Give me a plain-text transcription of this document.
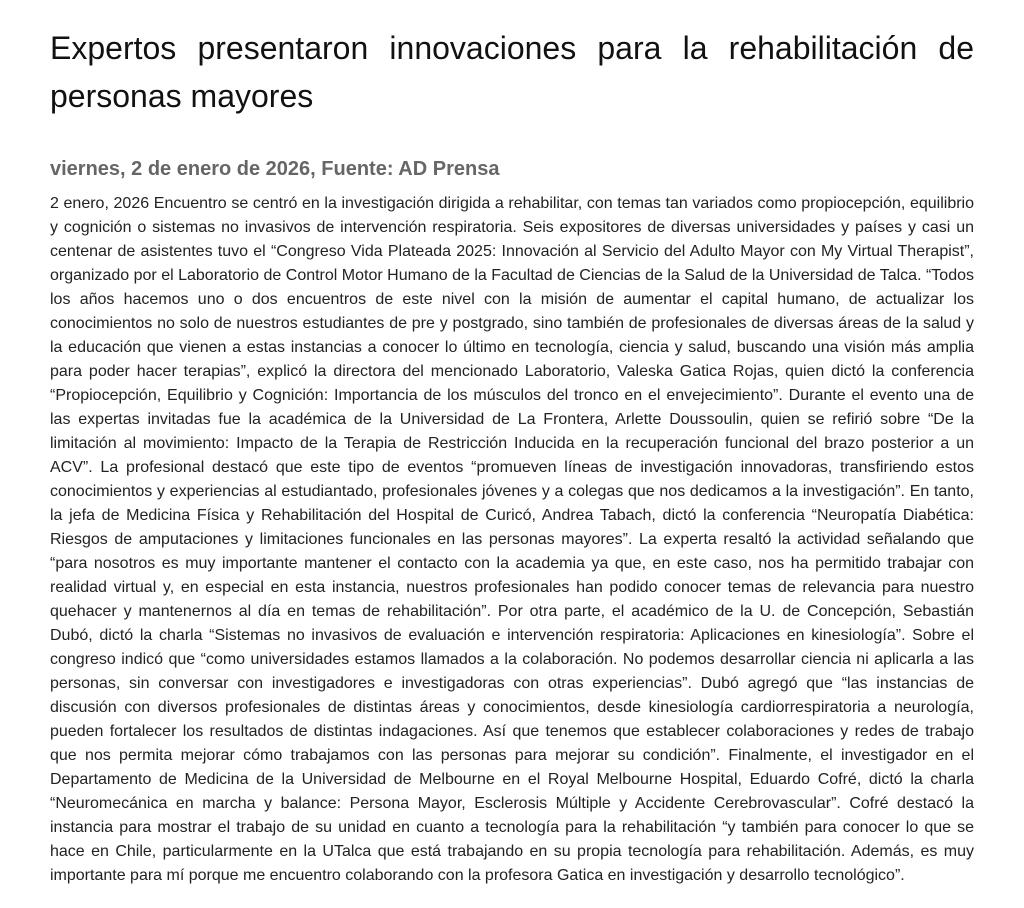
Expertos presentaron innovaciones para la rehabilitación de personas mayores
viernes, 2 de enero de 2026, Fuente: AD Prensa

2 enero, 2026 Encuentro se centró en la investigación dirigida a rehabilitar, con temas tan variados como propiocepción, equilibrio y cognición o sistemas no invasivos de intervención respiratoria. Seis expositores de diversas universidades y países y casi un centenar de asistentes tuvo el “Congreso Vida Plateada 2025: Innovación al Servicio del Adulto Mayor con My Virtual Therapist”, organizado por el Laboratorio de Control Motor Humano de la Facultad de Ciencias de la Salud de la Universidad de Talca. “Todos los años hacemos uno o dos encuentros de este nivel con la misión de aumentar el capital humano, de actualizar los conocimientos no solo de nuestros estudiantes de pre y postgrado, sino también de profesionales de diversas áreas de la salud y la educación que vienen a estas instancias a conocer lo último en tecnología, ciencia y salud, buscando una visión más amplia para poder hacer terapias”, explicó la directora del mencionado Laboratorio, Valeska Gatica Rojas, quien dictó la conferencia “Propiocepción, Equilibrio y Cognición: Importancia de los músculos del tronco en el envejecimiento”. Durante el evento una de las expertas invitadas fue la académica de la Universidad de La Frontera, Arlette Doussoulin, quien se refirió sobre “De la limitación al movimiento: Impacto de la Terapia de Restricción Inducida en la recuperación funcional del brazo posterior a un ACV”. La profesional destacó que este tipo de eventos “promueven líneas de investigación innovadoras, transfiriendo estos conocimientos y experiencias al estudiantado, profesionales jóvenes y a colegas que nos dedicamos a la investigación”. En tanto, la jefa de Medicina Física y Rehabilitación del Hospital de Curicó, Andrea Tabach, dictó la conferencia “Neuropatía Diabética: Riesgos de amputaciones y limitaciones funcionales en las personas mayores”. La experta resaltó la actividad señalando que “para nosotros es muy importante mantener el contacto con la academia ya que, en este caso, nos ha permitido trabajar con realidad virtual y, en especial en esta instancia, nuestros profesionales han podido conocer temas de relevancia para nuestro quehacer y mantenernos al día en temas de rehabilitación”. Por otra parte, el académico de la U. de Concepción, Sebastián Dubó, dictó la charla “Sistemas no invasivos de evaluación e intervención respiratoria: Aplicaciones en kinesiología”. Sobre el congreso indicó que “como universidades estamos llamados a la colaboración. No podemos desarrollar ciencia ni aplicarla a las personas, sin conversar con investigadores e investigadoras con otras experiencias”. Dubó agregó que “las instancias de discusión con diversos profesionales de distintas áreas y conocimientos, desde kinesiología cardiorrespiratoria a neurología, pueden fortalecer los resultados de distintas indagaciones. Así que tenemos que establecer colaboraciones y redes de trabajo que nos permita mejorar cómo trabajamos con las personas para mejorar su condición”. Finalmente, el investigador en el Departamento de Medicina de la Universidad de Melbourne en el Royal Melbourne Hospital, Eduardo Cofré, dictó la charla “Neuromecánica en marcha y balance: Persona Mayor, Esclerosis Múltiple y Accidente Cerebrovascular”. Cofré destacó la instancia para mostrar el trabajo de su unidad en cuanto a tecnología para la rehabilitación “y también para conocer lo que se hace en Chile, particularmente en la UTalca que está trabajando en su propia tecnología para rehabilitación. Además, es muy importante para mí porque me encuentro colaborando con la profesora Gatica en investigación y desarrollo tecnológico”.
